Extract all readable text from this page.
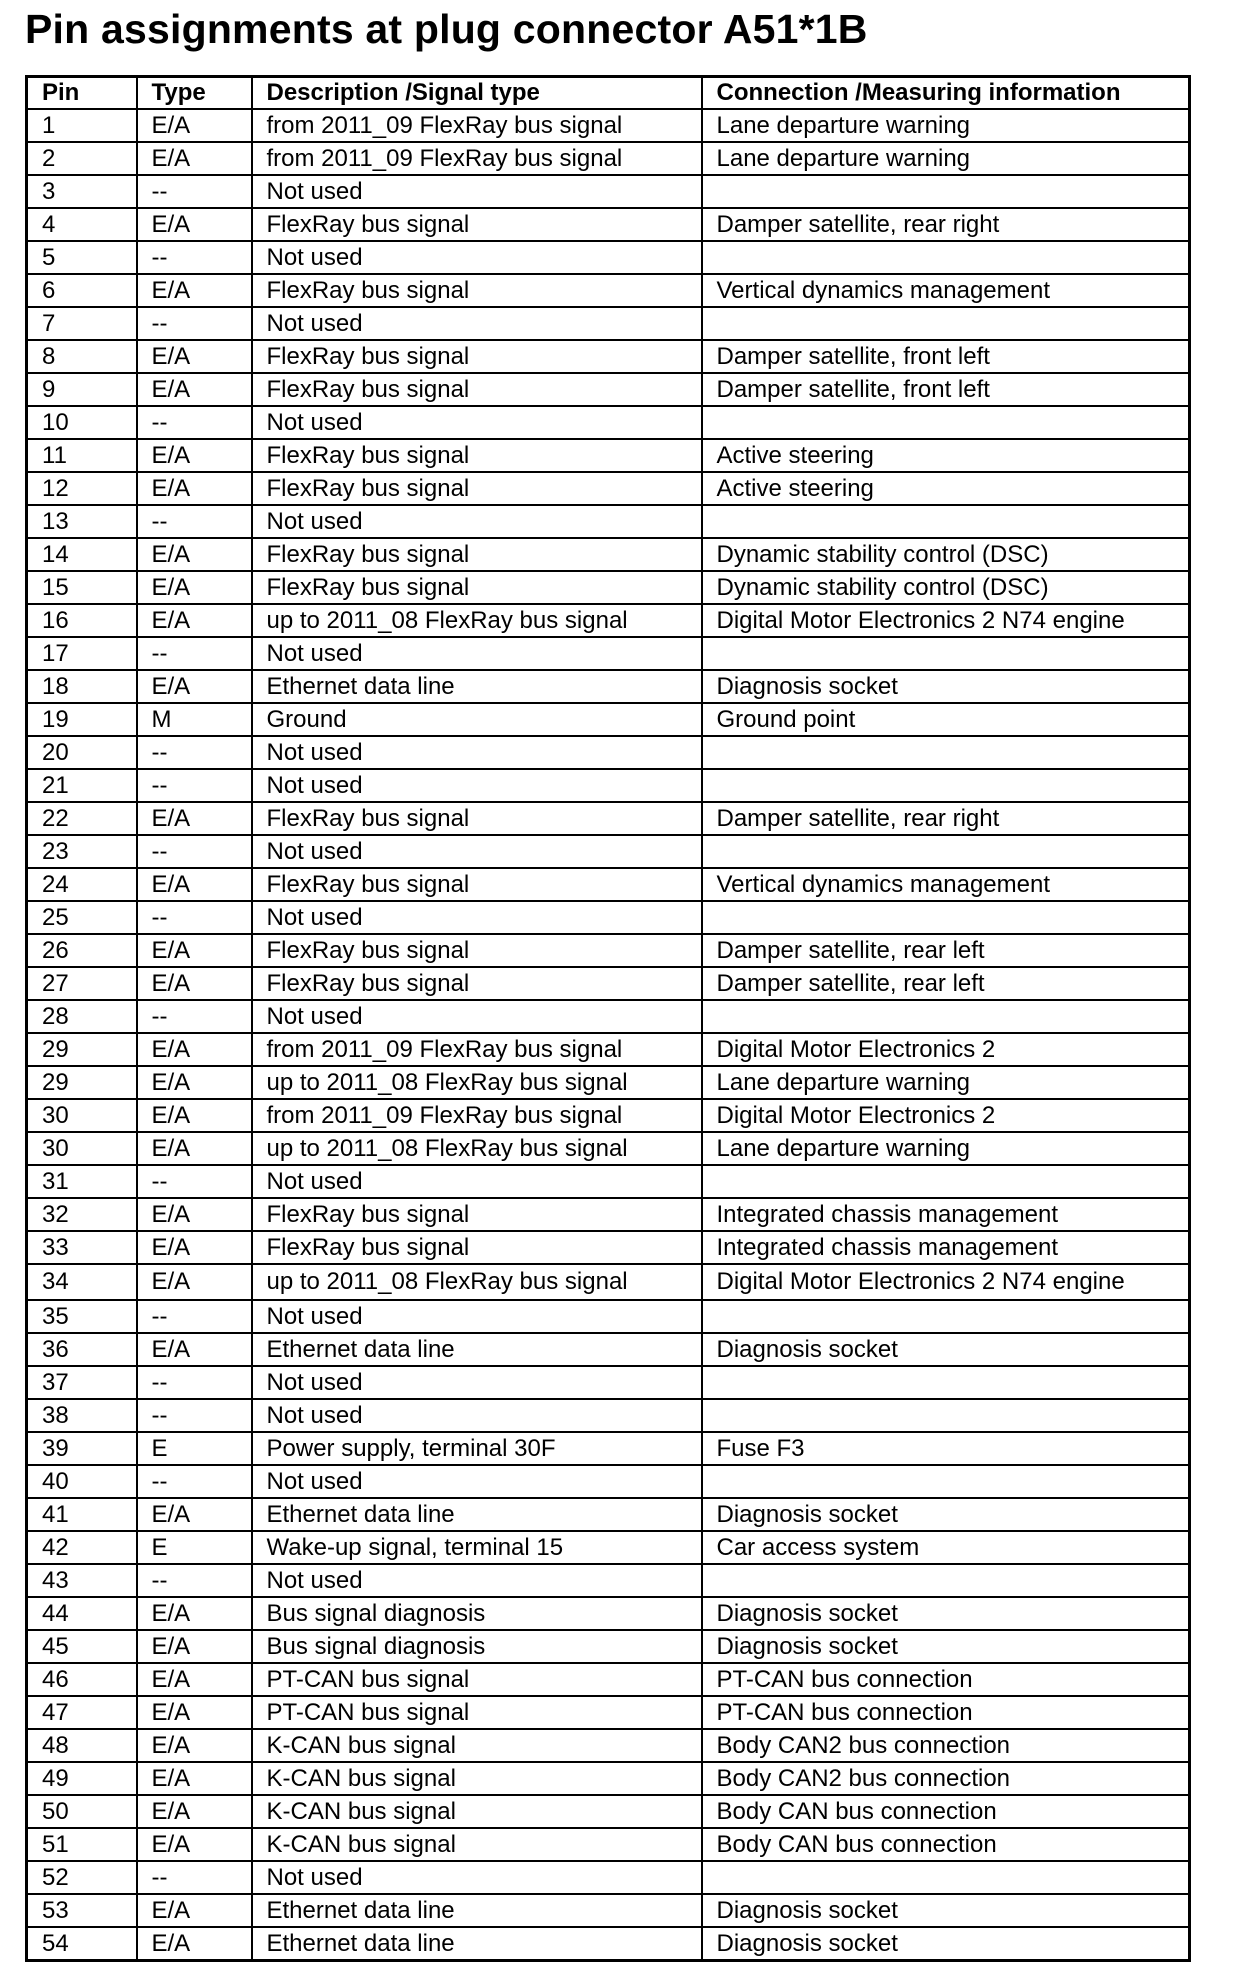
Pin assignments at plug connector A51*1B
Pin	Type	Description /Signal type	Connection /Measuring information
1	E/A	from 2011_09 FlexRay bus signal	Lane departure warning
2	E/A	from 2011_09 FlexRay bus signal	Lane departure warning
3	--	Not used	
4	E/A	FlexRay bus signal	Damper satellite, rear right
5	--	Not used	
6	E/A	FlexRay bus signal	Vertical dynamics management
7	--	Not used	
8	E/A	FlexRay bus signal	Damper satellite, front left
9	E/A	FlexRay bus signal	Damper satellite, front left
10	--	Not used	
11	E/A	FlexRay bus signal	Active steering
12	E/A	FlexRay bus signal	Active steering
13	--	Not used	
14	E/A	FlexRay bus signal	Dynamic stability control (DSC)
15	E/A	FlexRay bus signal	Dynamic stability control (DSC)
16	E/A	up to 2011_08 FlexRay bus signal	Digital Motor Electronics 2 N74 engine
17	--	Not used	
18	E/A	Ethernet data line	Diagnosis socket
19	M	Ground	Ground point
20	--	Not used	
21	--	Not used	
22	E/A	FlexRay bus signal	Damper satellite, rear right
23	--	Not used	
24	E/A	FlexRay bus signal	Vertical dynamics management
25	--	Not used	
26	E/A	FlexRay bus signal	Damper satellite, rear left
27	E/A	FlexRay bus signal	Damper satellite, rear left
28	--	Not used	
29	E/A	from 2011_09 FlexRay bus signal	Digital Motor Electronics 2
29	E/A	up to 2011_08 FlexRay bus signal	Lane departure warning
30	E/A	from 2011_09 FlexRay bus signal	Digital Motor Electronics 2
30	E/A	up to 2011_08 FlexRay bus signal	Lane departure warning
31	--	Not used	
32	E/A	FlexRay bus signal	Integrated chassis management
33	E/A	FlexRay bus signal	Integrated chassis management
34	E/A	up to 2011_08 FlexRay bus signal	Digital Motor Electronics 2 N74 engine
35	--	Not used	
36	E/A	Ethernet data line	Diagnosis socket
37	--	Not used	
38	--	Not used	
39	E	Power supply, terminal 30F	Fuse F3
40	--	Not used	
41	E/A	Ethernet data line	Diagnosis socket
42	E	Wake-up signal, terminal 15	Car access system
43	--	Not used	
44	E/A	Bus signal diagnosis	Diagnosis socket
45	E/A	Bus signal diagnosis	Diagnosis socket
46	E/A	PT-CAN bus signal	PT-CAN bus connection
47	E/A	PT-CAN bus signal	PT-CAN bus connection
48	E/A	K-CAN bus signal	Body CAN2 bus connection
49	E/A	K-CAN bus signal	Body CAN2 bus connection
50	E/A	K-CAN bus signal	Body CAN bus connection
51	E/A	K-CAN bus signal	Body CAN bus connection
52	--	Not used	
53	E/A	Ethernet data line	Diagnosis socket
54	E/A	Ethernet data line	Diagnosis socket
